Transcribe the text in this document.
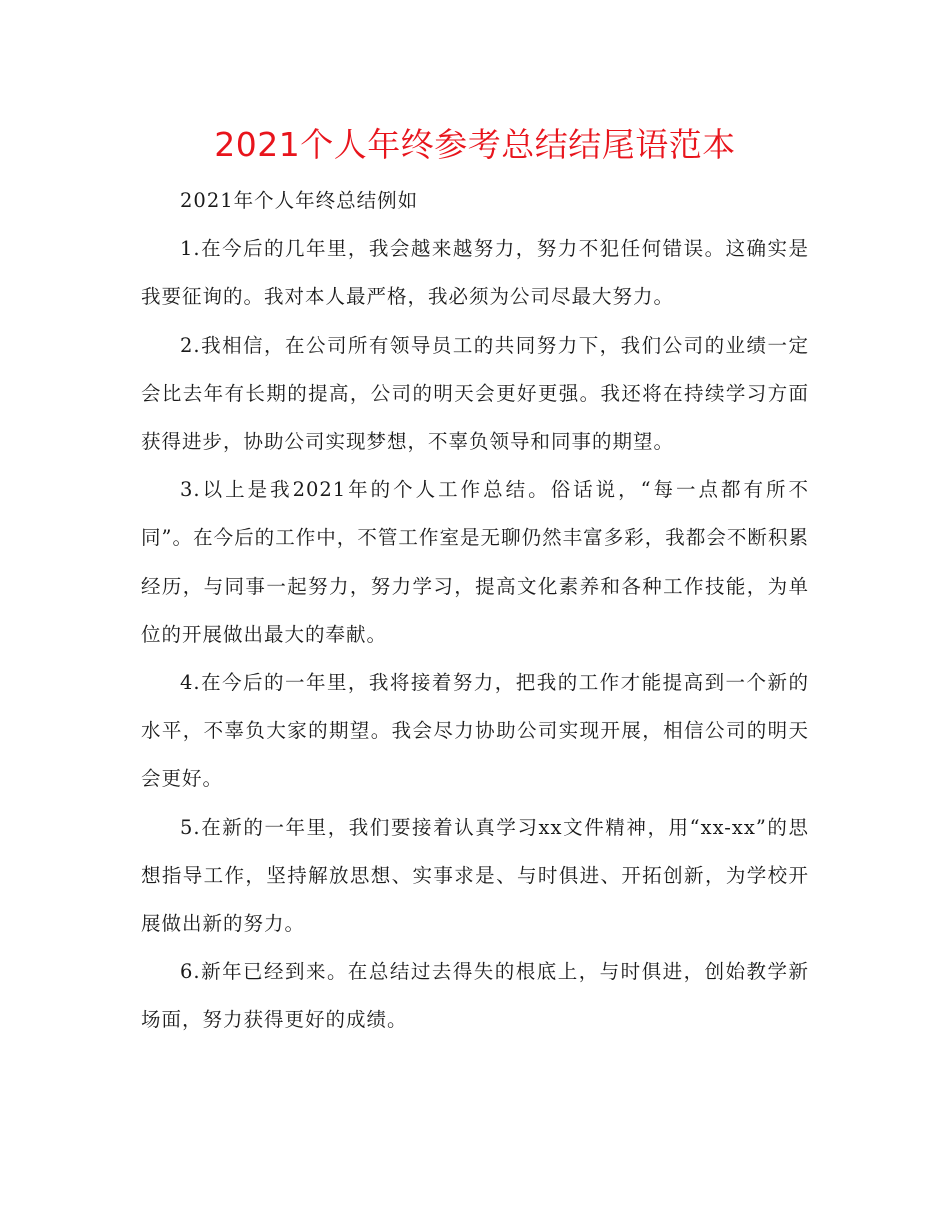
2021个人年终参考总结结尾语范本

2021年个人年终总结例如

1.在今后的几年里，我会越来越努力，努力不犯任何错误。这确实是我要征询的。我对本人最严格，我必须为公司尽最大努力。

2.我相信，在公司所有领导员工的共同努力下，我们公司的业绩一定会比去年有长期的提高，公司的明天会更好更强。我还将在持续学习方面获得进步，协助公司实现梦想，不辜负领导和同事的期望。

3.以上是我2021年的个人工作总结。俗话说，“每一点都有所不同”。在今后的工作中，不管工作室是无聊仍然丰富多彩，我都会不断积累经历，与同事一起努力，努力学习，提高文化素养和各种工作技能，为单位的开展做出最大的奉献。

4.在今后的一年里，我将接着努力，把我的工作才能提高到一个新的水平，不辜负大家的期望。我会尽力协助公司实现开展，相信公司的明天会更好。

5.在新的一年里，我们要接着认真学习xx文件精神，用“xx-xx”的思想指导工作，坚持解放思想、实事求是、与时俱进、开拓创新，为学校开展做出新的努力。

6.新年已经到来。在总结过去得失的根底上，与时俱进，创始教学新场面，努力获得更好的成绩。
